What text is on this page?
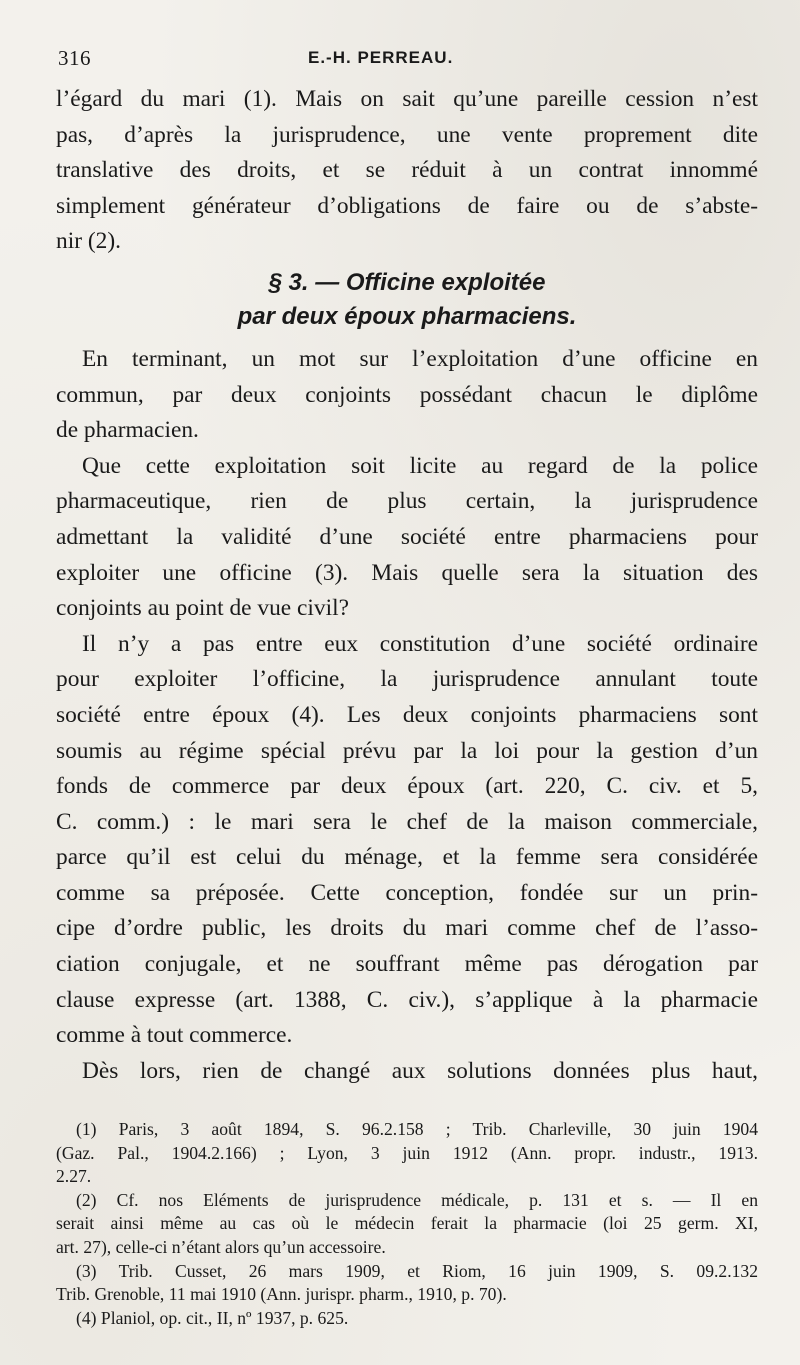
316	E.-H. PERREAU.
l’égard du mari (1). Mais on sait qu’une pareille cession n’est
pas, d’après la jurisprudence, une vente proprement dite
translative des droits, et se réduit à un contrat innommé
simplement générateur d’obligations de faire ou de s’abste-
nir (2).
§ 3. — Officine exploitée
par deux époux pharmaciens.
En terminant, un mot sur l’exploitation d’une officine en
commun, par deux conjoints possédant chacun le diplôme
de pharmacien.
Que cette exploitation soit licite au regard de la police
pharmaceutique, rien de plus certain, la jurisprudence
admettant la validité d’une société entre pharmaciens pour
exploiter une officine (3). Mais quelle sera la situation des
conjoints au point de vue civil?
Il n’y a pas entre eux constitution d’une société ordinaire
pour exploiter l’officine, la jurisprudence annulant toute
société entre époux (4). Les deux conjoints pharmaciens sont
soumis au régime spécial prévu par la loi pour la gestion d’un
fonds de commerce par deux époux (art. 220, C. civ. et 5,
C. comm.) : le mari sera le chef de la maison commerciale,
parce qu’il est celui du ménage, et la femme sera considérée
comme sa préposée. Cette conception, fondée sur un prin-
cipe d’ordre public, les droits du mari comme chef de l’asso-
ciation conjugale, et ne souffrant même pas dérogation par
clause expresse (art. 1388, C. civ.), s’applique à la pharmacie
comme à tout commerce.
Dès lors, rien de changé aux solutions données plus haut,
(1) Paris, 3 août 1894, S. 96.2.158 ; Trib. Charleville, 30 juin 1904
(Gaz. Pal., 1904.2.166) ; Lyon, 3 juin 1912 (Ann. propr. industr., 1913.
2.27.
(2) Cf. nos Eléments de jurisprudence médicale, p. 131 et s. — Il en
serait ainsi même au cas où le médecin ferait la pharmacie (loi 25 germ. XI,
art. 27), celle-ci n’étant alors qu’un accessoire.
(3) Trib. Cusset, 26 mars 1909, et Riom, 16 juin 1909, S. 09.2.132
Trib. Grenoble, 11 mai 1910 (Ann. jurispr. pharm., 1910, p. 70).
(4) Planiol, op. cit., II, nº 1937, p. 625.
